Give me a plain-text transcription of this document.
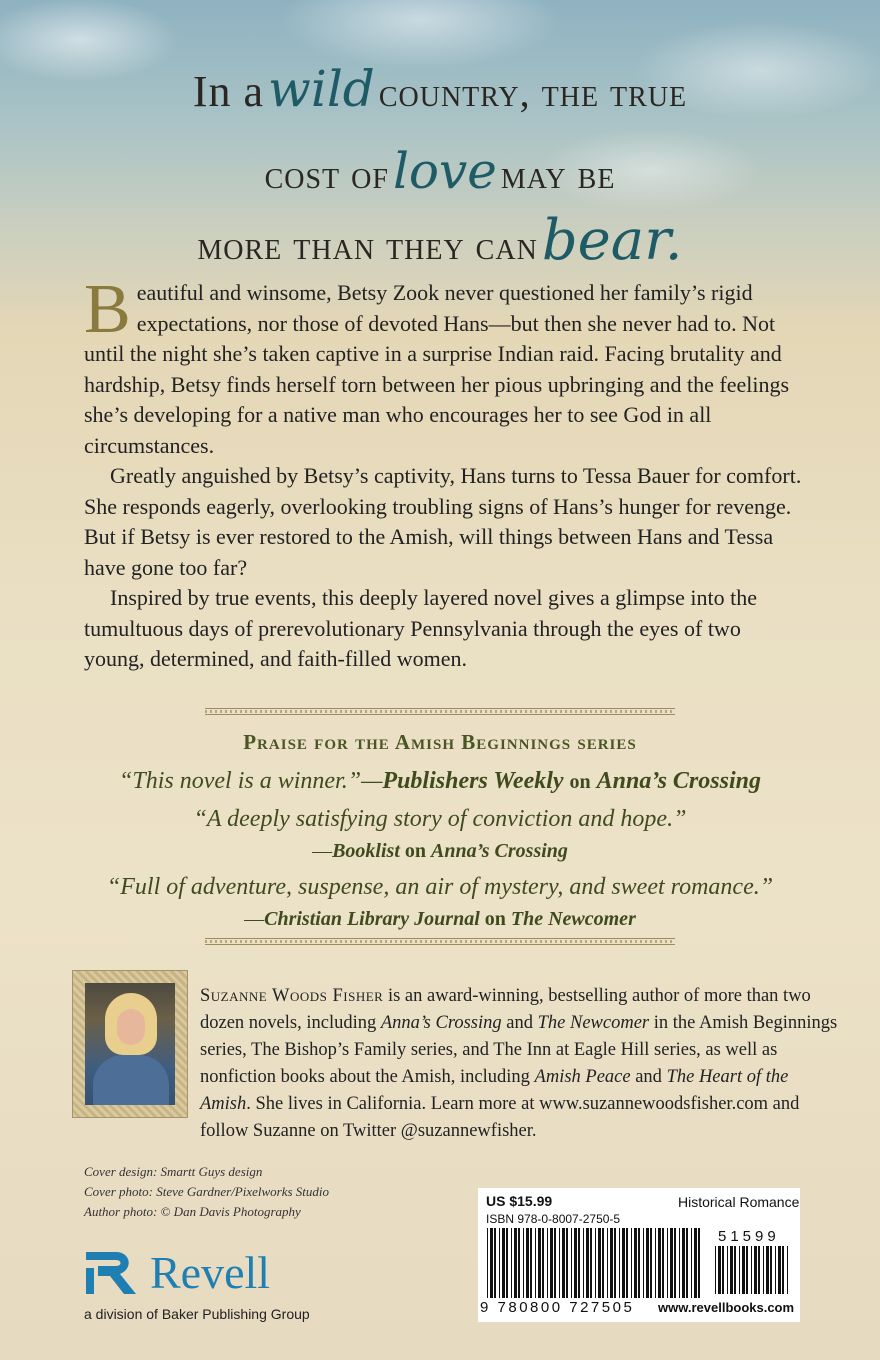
In a wild country, the true
cost of love may be
more than they can bear.

Beautiful and winsome, Betsy Zook never questioned her family’s rigid expectations, nor those of devoted Hans—but then she never had to. Not until the night she’s taken captive in a surprise Indian raid. Facing brutality and hardship, Betsy finds herself torn between her pious upbringing and the feelings she’s developing for a native man who encourages her to see God in all circumstances.

Greatly anguished by Betsy’s captivity, Hans turns to Tessa Bauer for comfort. She responds eagerly, overlooking troubling signs of Hans’s hunger for revenge. But if Betsy is ever restored to the Amish, will things between Hans and Tessa have gone too far?

Inspired by true events, this deeply layered novel gives a glimpse into the tumultuous days of prerevolutionary Pennsylvania through the eyes of two young, determined, and faith-filled women.

Praise for the Amish Beginnings series
“This novel is a winner.”—Publishers Weekly on Anna’s Crossing
“A deeply satisfying story of conviction and hope.”
—Booklist on Anna’s Crossing
“Full of adventure, suspense, an air of mystery, and sweet romance.”
—Christian Library Journal on The Newcomer
Suzanne Woods Fisher is an award-winning, bestselling author of more than two dozen novels, including Anna’s Crossing and The Newcomer in the Amish Beginnings series, The Bishop’s Family series, and The Inn at Eagle Hill series, as well as nonfiction books about the Amish, including Amish Peace and The Heart of the Amish. She lives in California. Learn more at www.suzannewoodsfisher.com and follow Suzanne on Twitter @suzannewfisher.
Cover design: Smartt Guys design
Cover photo: Steve Gardner/Pixelworks Studio
Author photo: © Dan Davis Photography
Revell
a division of Baker Publishing Group
US $15.99	Historical Romance
ISBN 978-0-8007-2750-5
51599
9 780800 727505 www.revellbooks.com
